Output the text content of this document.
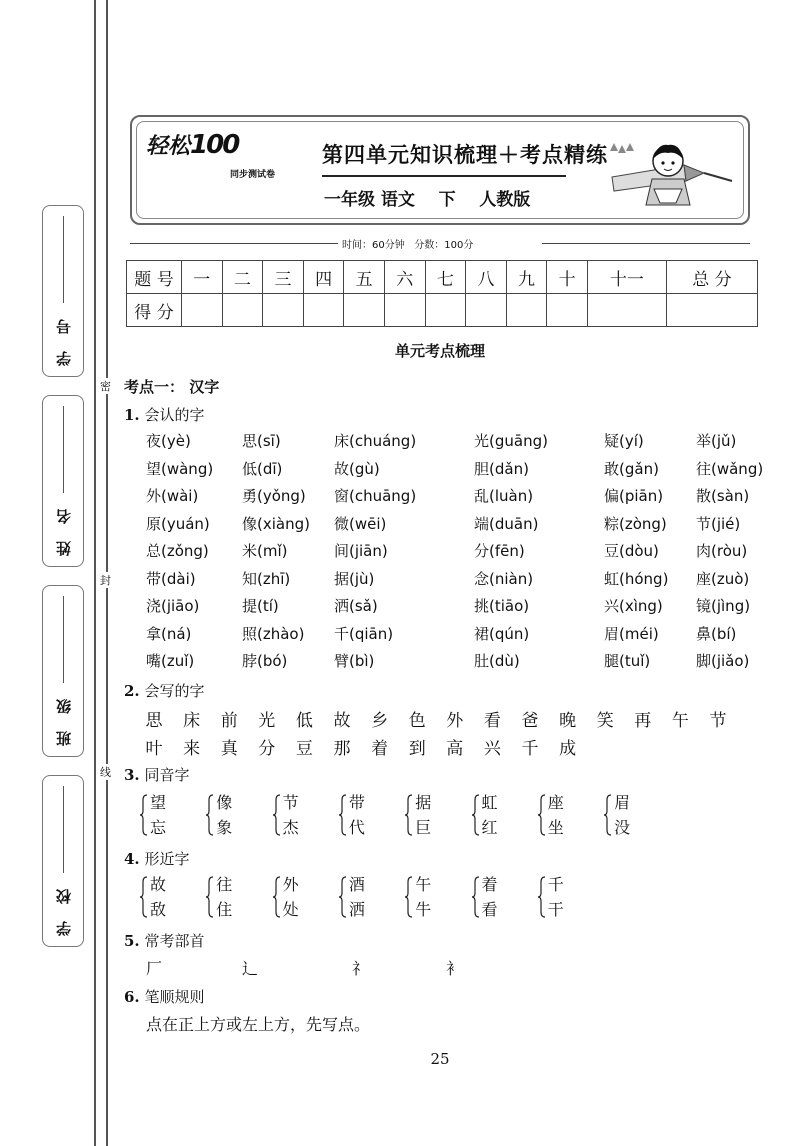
学 号
姓 名
班 级
学 校
密
封
线
轻松100
同步测试卷
第四单元知识梳理＋考点精练
一年级 语文    下    人教版
时间：60分钟   分数：100分
题 号	一	二	三	四	五	六	七	八	九	十	十一	总 分
得 分												
单元考点梳理
考点一： 汉字
1. 会认的字
夜(yè)	思(sī)	床(chuáng)	光(guāng)	疑(yí)	举(jǔ)
望(wàng) 低(dī)	故(gù)	胆(dǎn)	敢(gǎn) 往(wǎng)
外(wài)	勇(yǒng) 窗(chuāng)	乱(luàn)	偏(piān) 散(sàn)
原(yuán) 像(xiàng) 微(wēi)	端(duān)	粽(zòng) 节(jié)
总(zǒng) 米(mǐ)	间(jiān)	分(fēn)	豆(dòu) 肉(ròu)
带(dài)	知(zhī)	据(jù)	念(niàn)	虹(hóng) 座(zuò)
浇(jiāo)	提(tí)	洒(sǎ)	挑(tiāo)	兴(xìng) 镜(jìng)
拿(ná)	照(zhào) 千(qiān)	裙(qún)	眉(méi) 鼻(bí)
嘴(zuǐ)	脖(bó)	臂(bì)	肚(dù)	腿(tuǐ)	脚(jiǎo)
2. 会写的字
思 床 前 光 低 故 乡 色 外 看 爸 晚 笑 再 午 节
叶 来 真 分 豆 那 着 到 高 兴 千 成
3. 同音字
望
忘
像
象
节
杰
带
代
据
巨
虹
红
座
坐
眉
没
4. 形近字
故
敌
往
住
外
处
酒
洒
午
牛
着
看
千
干
5. 常考部首
厂	辶	礻	衤
6. 笔顺规则
点在正上方或左上方，先写点。
25
